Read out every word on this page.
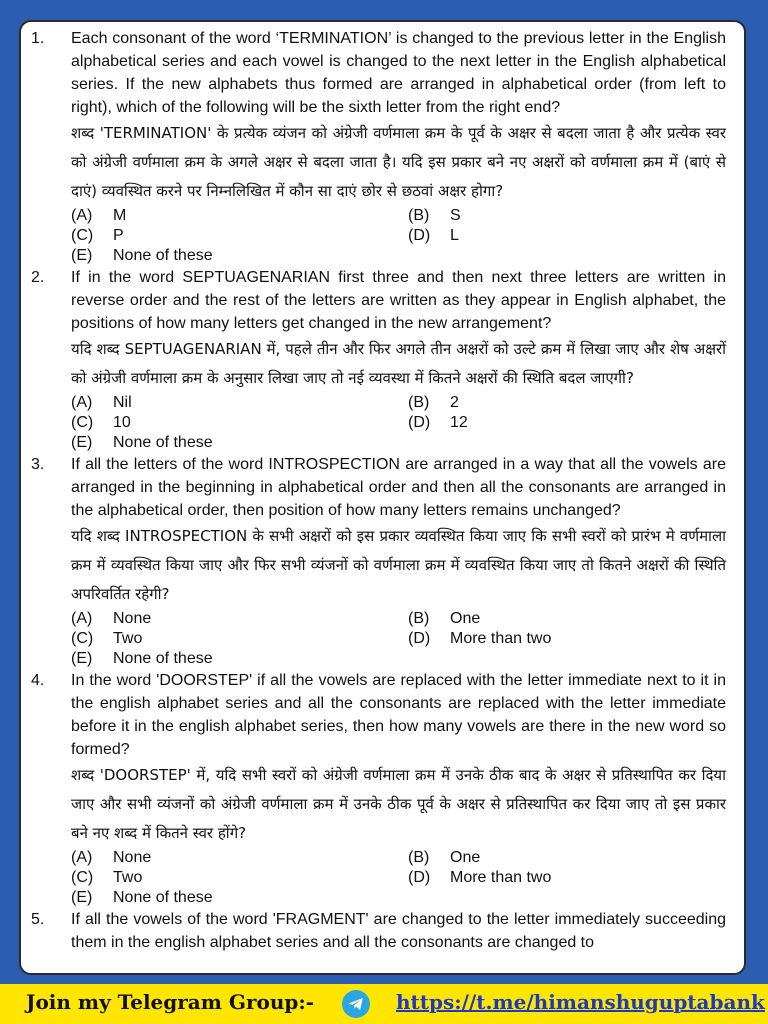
1. Each consonant of the word ‘TERMINATION’ is changed to the previous letter in the English alphabetical series and each vowel is changed to the next letter in the English alphabetical series. If the new alphabets thus formed are arranged in alphabetical order (from left to right), which of the following will be the sixth letter from the right end?

शब्द 'TERMINATION' के प्रत्येक व्यंजन को अंग्रेजी वर्णमाला क्रम के पूर्व के अक्षर से बदला जाता है और प्रत्येक स्वर को अंग्रेजी वर्णमाला क्रम के अगले अक्षर से बदला जाता है। यदि इस प्रकार बने नए अक्षरों को वर्णमाला क्रम में (बाएं से दाएं) व्यवस्थित करने पर निम्नलिखित में कौन सा दाएं छोर से छठवां अक्षर होगा?

(A)	M	(B)	S
(C)	P	(D)	L
(E)	None of these
2. If in the word SEPTUAGENARIAN first three and then next three letters are written in reverse order and the rest of the letters are written as they appear in English alphabet, the positions of how many letters get changed in the new arrangement?

यदि शब्द SEPTUAGENARIAN में, पहले तीन और फिर अगले तीन अक्षरों को उल्टे क्रम में लिखा जाए और शेष अक्षरों को अंग्रेजी वर्णमाला क्रम के अनुसार लिखा जाए तो नई व्यवस्था में कितने अक्षरों की स्थिति बदल जाएगी?

(A)	Nil	(B)	2
(C)	10	(D)	12
(E)	None of these
3. If all the letters of the word INTROSPECTION are arranged in a way that all the vowels are arranged in the beginning in alphabetical order and then all the consonants are arranged in the alphabetical order, then position of how many letters remains unchanged?

यदि शब्द INTROSPECTION के सभी अक्षरों को इस प्रकार व्यवस्थित किया जाए कि सभी स्वरों को प्रारंभ मे वर्णमाला क्रम में व्यवस्थित किया जाए और फिर सभी व्यंजनों को वर्णमाला क्रम में व्यवस्थित किया जाए तो कितने अक्षरों की स्थिति अपरिवर्तित रहेगी?

(A)	None	(B)	One
(C)	Two	(D)	More than two
(E)	None of these
4. In the word 'DOORSTEP' if all the vowels are replaced with the letter immediate next to it in the english alphabet series and all the consonants are replaced with the letter immediate before it in the english alphabet series, then how many vowels are there in the new word so formed?

शब्द 'DOORSTEP' में, यदि सभी स्वरों को अंग्रेजी वर्णमाला क्रम में उनके ठीक बाद के अक्षर से प्रतिस्थापित कर दिया जाए और सभी व्यंजनों को अंग्रेजी वर्णमाला क्रम में उनके ठीक पूर्व के अक्षर से प्रतिस्थापित कर दिया जाए तो इस प्रकार बने नए शब्द में कितने स्वर होंगे?

(A)	None	(B)	One
(C)	Two	(D)	More than two
(E)	None of these
5. If all the vowels of the word 'FRAGMENT' are changed to the letter immediately succeeding them in the english alphabet series and all the consonants are changed to

Join my Telegram Group:-	https://t.me/himanshuguptabank
